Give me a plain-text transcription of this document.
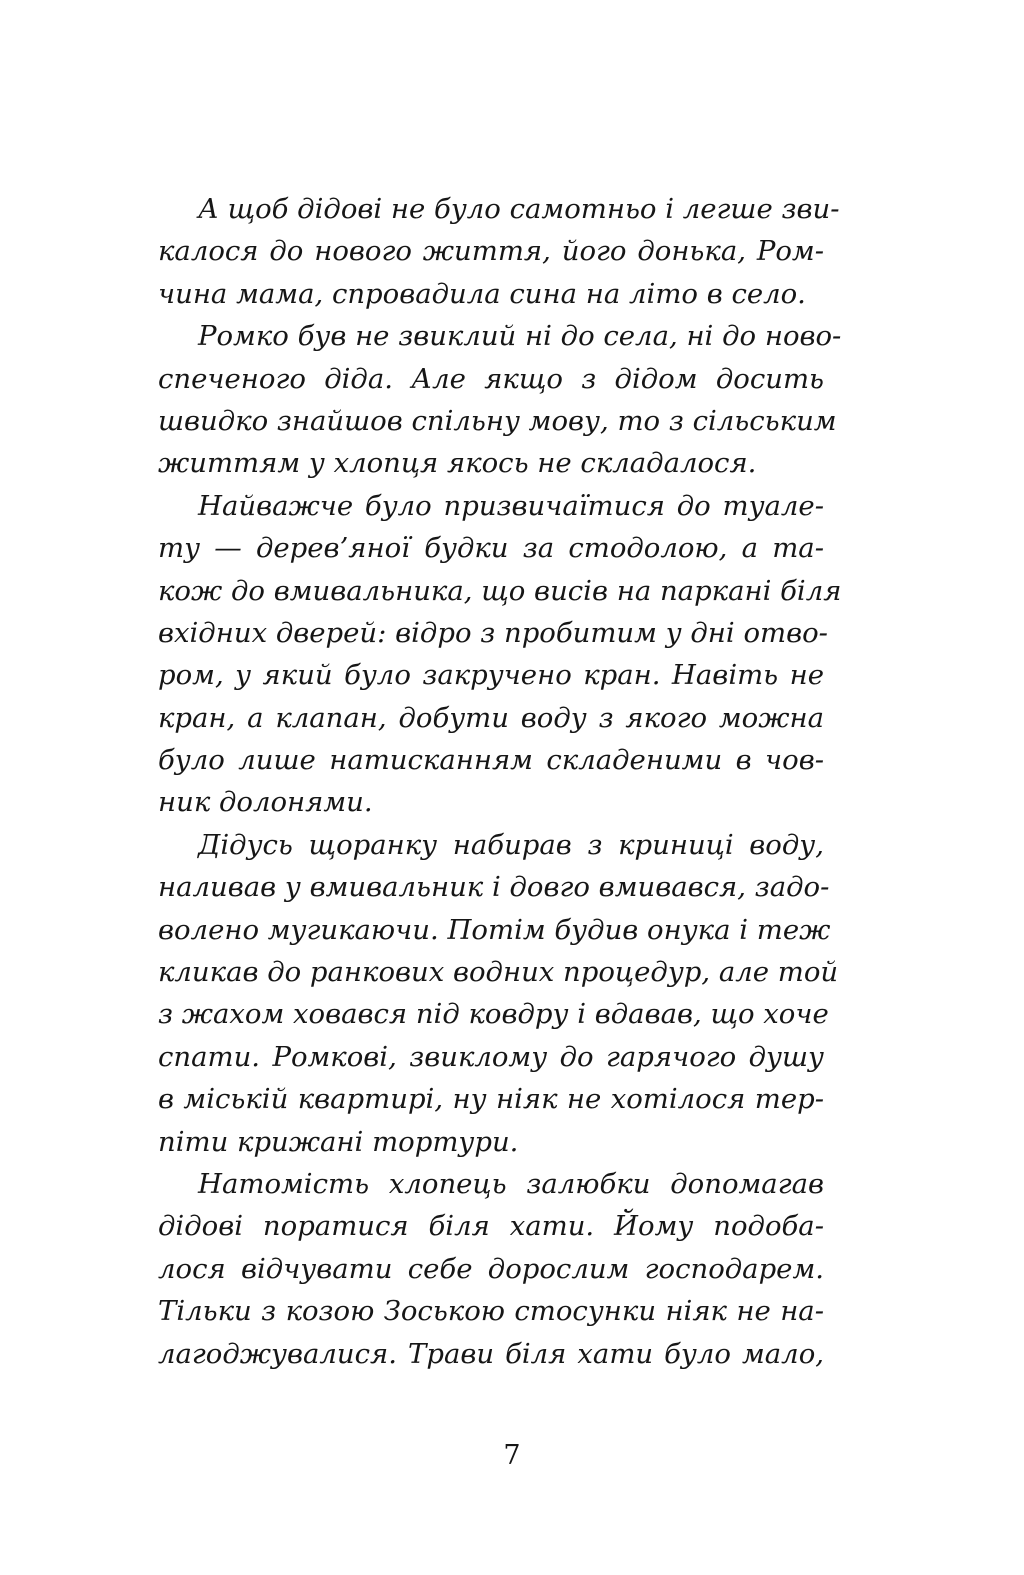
А щоб дідові не було самотньо і легше зви-
калося до нового життя, його донька, Ром-
чина мама, спровадила сина на літо в село.
Ромко був не звиклий ні до села, ні до ново-
спеченого діда. Але якщо з дідом досить
швидко знайшов спільну мову, то з сільським
життям у хлопця якось не складалося.
Найважче було призвичаїтися до туале-
ту — дерев’яної будки за стодолою, а та-
кож до вмивальника, що висів на паркані біля
вхідних дверей: відро з пробитим у дні отво-
ром, у який було закручено кран. Навіть не
кран, а клапан, добути воду з якого можна
було лише натисканням складеними в чов-
ник долонями.
Дідусь щоранку набирав з криниці воду,
наливав у вмивальник і довго вмивався, задо-
волено мугикаючи. Потім будив онука і теж
кликав до ранкових водних процедур, але той
з жахом ховався під ковдру і вдавав, що хоче
спати. Ромкові, звиклому до гарячого душу
в міській квартирі, ну ніяк не хотілося тер-
піти крижані тортури.
Натомість хлопець залюбки допомагав
дідові поратися біля хати. Йому подоба-
лося відчувати себе дорослим господарем.
Тільки з козою Зоською стосунки ніяк не на-
лагоджувалися. Трави біля хати було мало,
7
